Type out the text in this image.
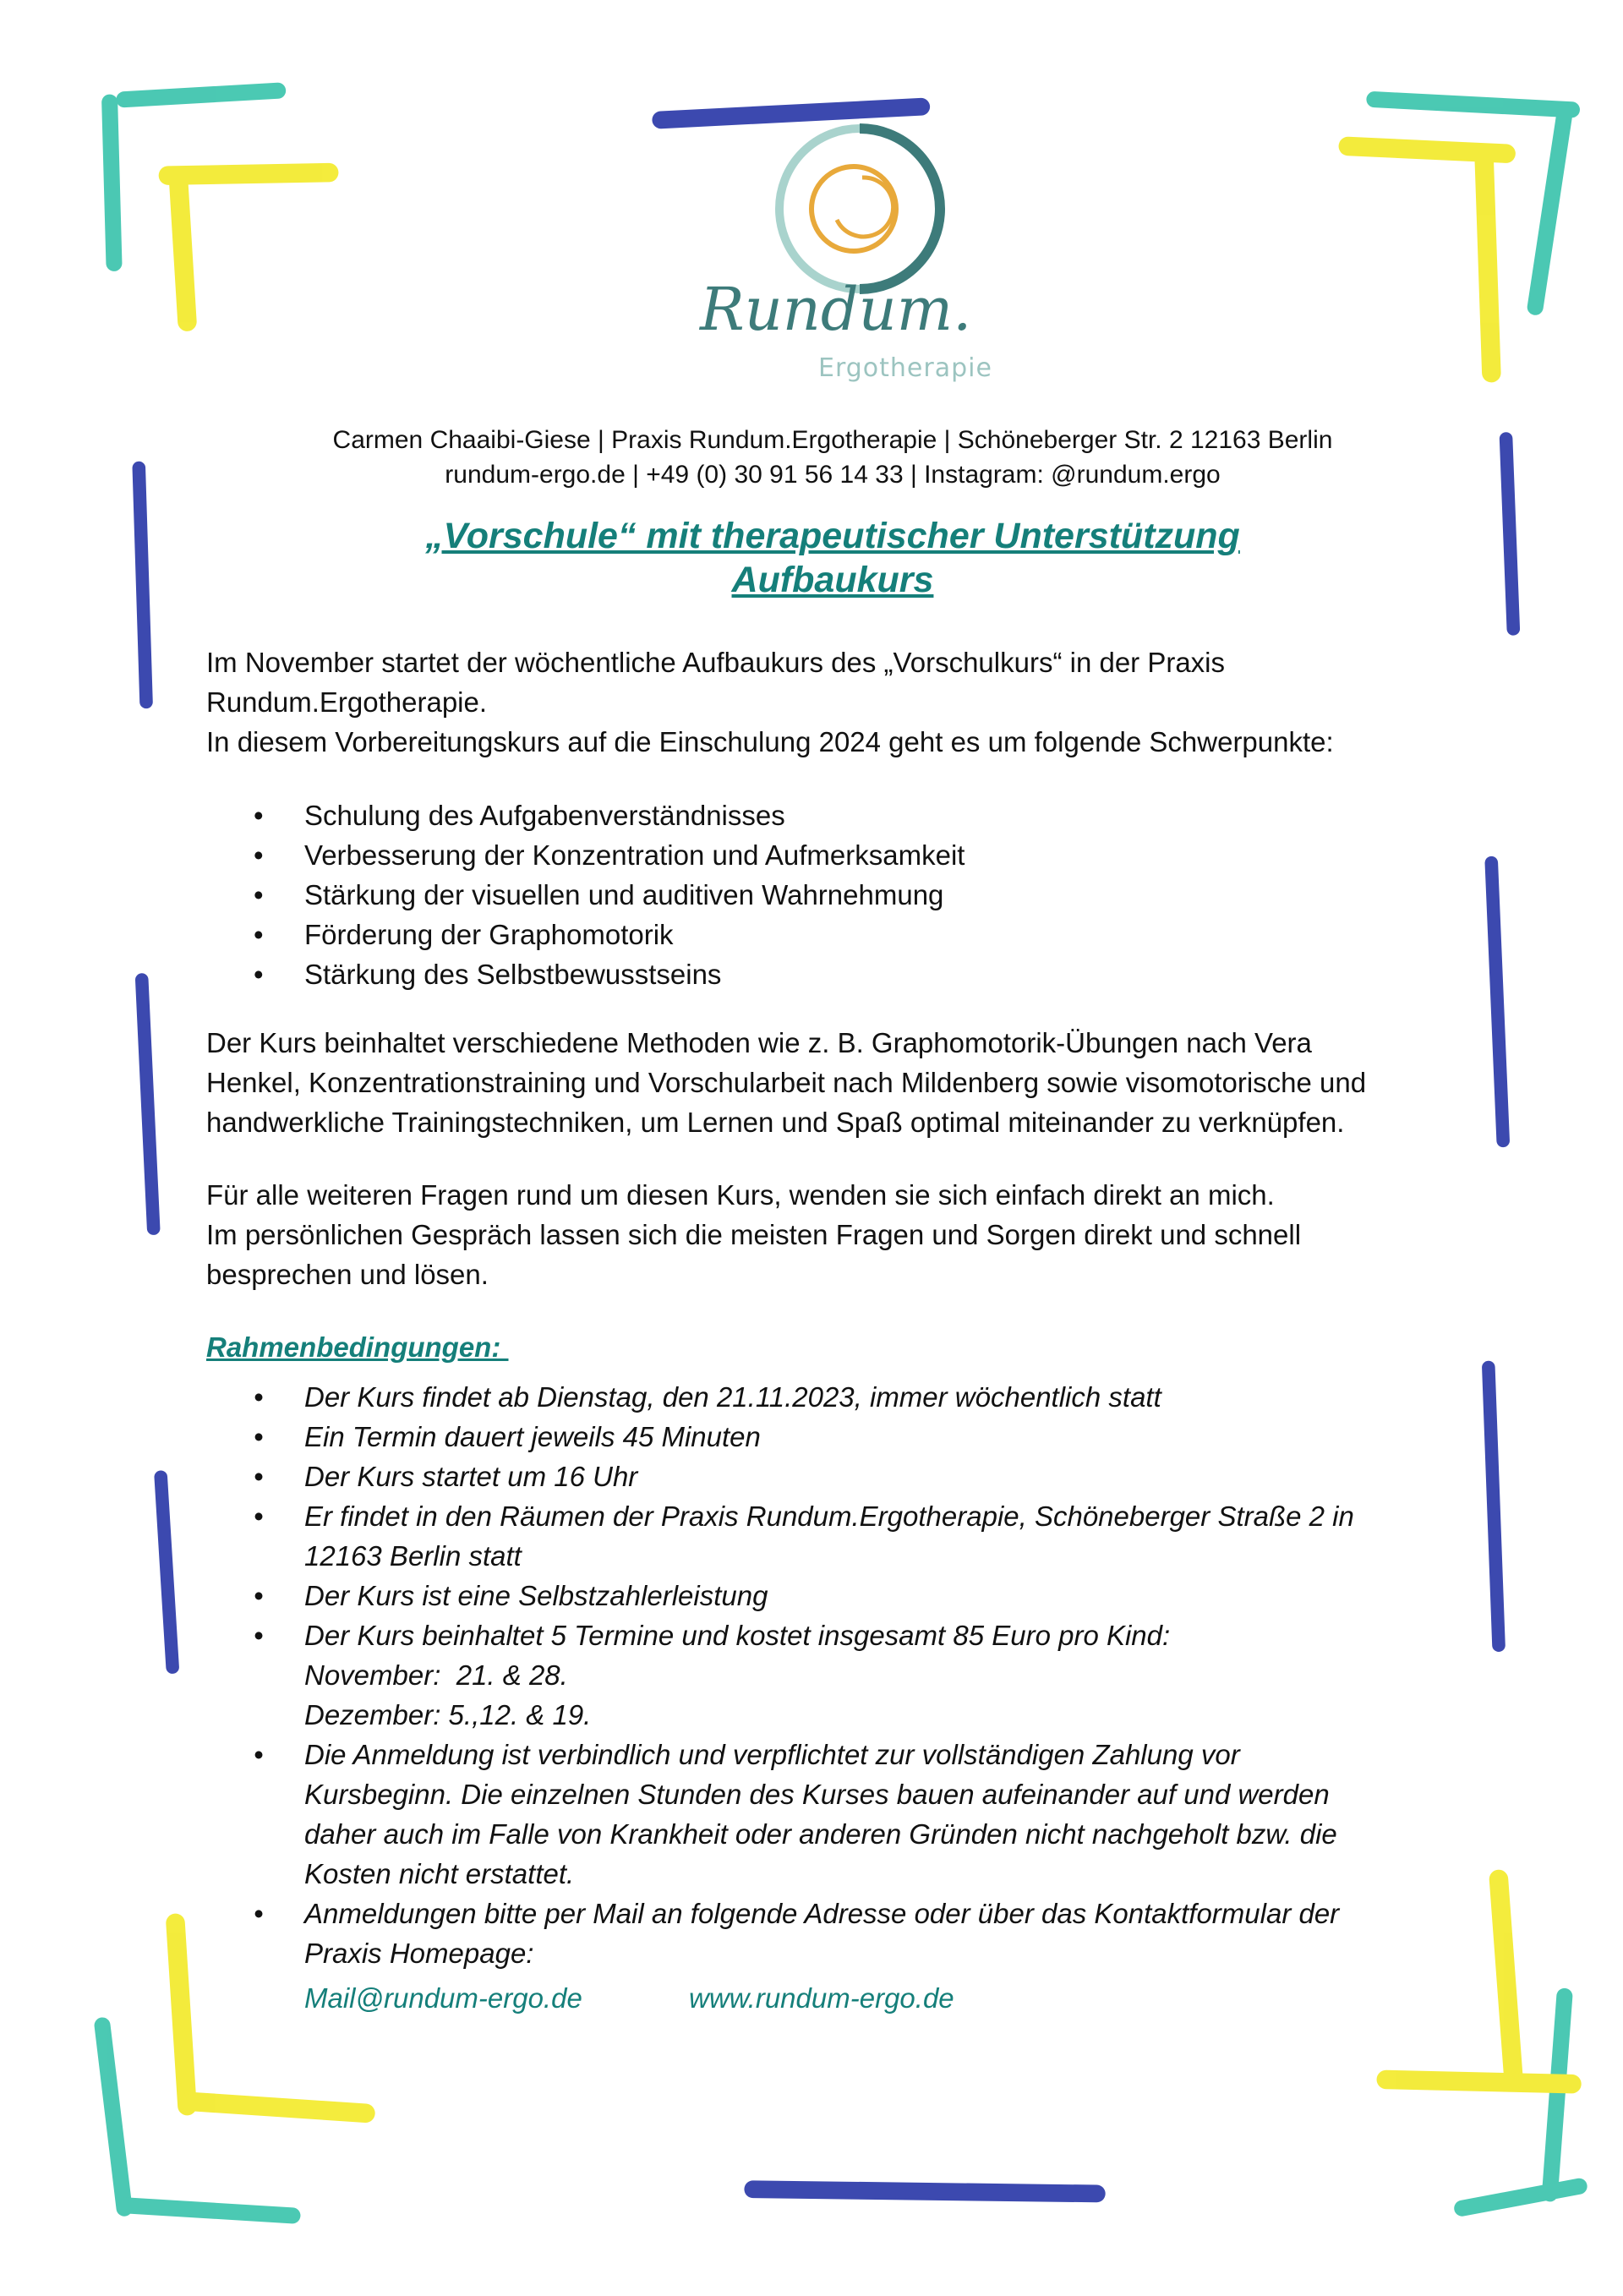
Rundum.
Ergotherapie
Carmen Chaaibi-Giese | Praxis Rundum.Ergotherapie | Schöneberger Str. 2 12163 Berlin
rundum-ergo.de | +49 (0) 30 91 56 14 33 | Instagram: @rundum.ergo
„Vorschule“ mit therapeutischer Unterstützung
Aufbaukurs
Im November startet der wöchentliche Aufbaukurs des „Vorschulkurs“ in der Praxis
Rundum.Ergotherapie.
In diesem Vorbereitungskurs auf die Einschulung 2024 geht es um folgende Schwerpunkte:
• Schulung des Aufgabenverständnisses
• Verbesserung der Konzentration und Aufmerksamkeit
• Stärkung der visuellen und auditiven Wahrnehmung
• Förderung der Graphomotorik
• Stärkung des Selbstbewusstseins
Der Kurs beinhaltet verschiedene Methoden wie z. B. Graphomotorik-Übungen nach Vera
Henkel, Konzentrationstraining und Vorschularbeit nach Mildenberg sowie visomotorische und
handwerkliche Trainingstechniken, um Lernen und Spaß optimal miteinander zu verknüpfen.
Für alle weiteren Fragen rund um diesen Kurs, wenden sie sich einfach direkt an mich.
Im persönlichen Gespräch lassen sich die meisten Fragen und Sorgen direkt und schnell
besprechen und lösen.
Rahmenbedingungen:
• Der Kurs findet ab Dienstag, den 21.11.2023, immer wöchentlich statt
• Ein Termin dauert jeweils 45 Minuten
• Der Kurs startet um 16 Uhr
• Er findet in den Räumen der Praxis Rundum.Ergotherapie, Schöneberger Straße 2 in
12163 Berlin statt
• Der Kurs ist eine Selbstzahlerleistung
• Der Kurs beinhaltet 5 Termine und kostet insgesamt 85 Euro pro Kind:
November:  21. & 28.
Dezember: 5.,12. & 19.
• Die Anmeldung ist verbindlich und verpflichtet zur vollständigen Zahlung vor
Kursbeginn. Die einzelnen Stunden des Kurses bauen aufeinander auf und werden
daher auch im Falle von Krankheit oder anderen Gründen nicht nachgeholt bzw. die
Kosten nicht erstattet.
• Anmeldungen bitte per Mail an folgende Adresse oder über das Kontaktformular der
Praxis Homepage:
Mail@rundum-ergo.de	www.rundum-ergo.de
